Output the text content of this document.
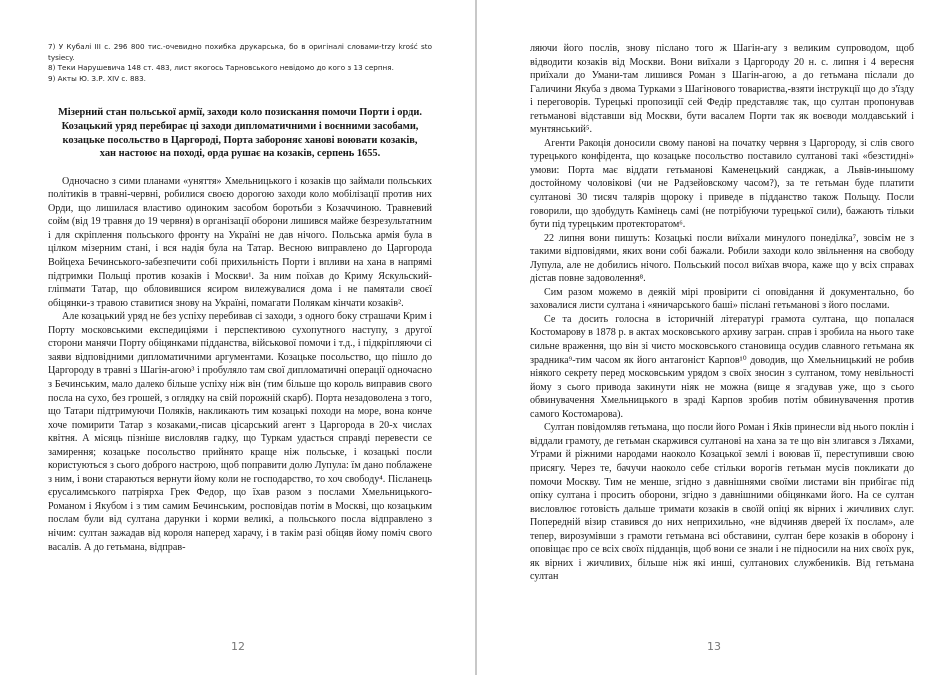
7) У Кубалі III с. 296 800 тис.-очевидно похибка друкарська, бо в оригіналі словами-trzy krość sto tysiecy.

8) Теки Нарушевича 148 ст. 483, лист якогось Тарновського невідомо до кого з 13 серпня.

9) Акты Ю. З.Р. XIV с. 883.

Мізерний стан польської армії, заходи коло позискання помочи Порти і орди. Козацький уряд перебирає ці заходи дипломатичними і воєнними засобами, козацьке посольство в Царгороді, Порта забороняє ханові воювати козаків, хан настоює на поході, орда рушає на козаків, серпень 1655.

Одночасно з сими планами «уняття» Хмельницького і козаків що займали польських політиків в травні-червні, робилися своєю дорогою заходи коло мобілізації против них Орди, що лишилася властиво одиноким засобом боротьби з Козаччиною. Травневий сойм (від 19 травня до 19 червня) в організації оборони лишився майже безрезультатним і для скріплення польського фронту на Україні не дав нічого. Польська армія була в цілком мізерним стані, і вся надія була на Татар. Весною виправлено до Царгорода Войцеха Бечинського-забезпечити собі прихильність Порти і впливи на хана в напрямі підтримки Польщі против козаків і Москви¹. За ним поїхав до Криму Яскульский-гліпмати Татар, що обловившися ясиром вилежувалися дома і не памятали своєї обіцянки-з травою ставитися знову на Україні, помагати Полякам кінчати козаків².

Але козацький уряд не без успіху перебивав сі заходи, з одного боку страшачи Крим і Порту московськими експедиціями і перспективою сухопутного наступу, з другої сторони манячи Порту обіцянками підданства, військової помочи і т.д., і підкріпляючи сі заяви відповідними дипломатичними аргументами. Козацьке посольство, що пішло до Царгороду в травні з Шагін-агою³ і пробуляло там свої дипломатичні операції одночасно з Бечинським, мало далеко більше успіху ніж він (тим більше що король виправив свого посла на сухо, без грошей, з оглядку на свій порожній скарб). Порта незадоволена з того, що Татари підтримуючи Поляків, накликають тим козацькі походи на море, вона конче хоче помирити Татар з козаками,-писав цісарський агент з Царгорода в 20-х числах квітня. А місяць пізніше висловляв гадку, що Туркам удасться справді перевести се замирення; козацьке посольство прийнято краще ніж польське, і козацькі посли користуються з сього доброго настрою, щоб поправити долю Лупула: їм дано поблажене з ним, і вони стараються вернути йому коли не господарство, то хоч свободу⁴. Післанець єрусалимського патріярха Грек Федор, що їхав разом з послами Хмельницького-Романом і Якубом і з тим самим Бечинським, росповідав потім в Москві, що козацьким послам були від султана дарунки і корми великі, а польського посла відправлено з нічим: султан зажадав від короля наперед харачу, і в такім разі обіцяв йому поміч свого васалів. А до гетьмана, відправ-

12

ляючи його послів, знову післано того ж Шагін-агу з великим супроводом, щоб відводити козаків від Москви. Вони виїхали з Царгороду 20 н. с. липня і 4 вересня приїхали до Умани-там лишився Роман з Шагін-агою, а до гетьмана післали до Галичини Якуба з двома Турками з Шагінового товариства,-взяти інструкції що до з'їзду і переговорів. Турецькі пропозиції сей Федір представляє так, що султан пропонував гетьманові відставши від Москви, бути васалем Порти так як воєводи молдавський і мунтянський⁵.

Агенти Ракоція доносили свому панові на початку червня з Царгороду, зі слів свого турецького конфідента, що козацьке посольство поставило султанові такі «безстидні» умови: Порта має віддати гетьманові Каменецький санджак, а Львів-иньшому достойному чоловікові (чи не Радзейовскому часом?), за те гетьман буде платити султанові 30 тисяч талярів щороку і приведе в підданство також Польщу. Посли говорили, що здобудуть Камінець самі (не потрібуючи турецької сили), бажають тільки бути під турецьким протекторатом⁶.

22 липня вони пишуть: Козацькі посли виїхали минулого понеділка⁷, зовсім не з такими відповідями, яких вони собі бажали. Робили заходи коло звільнення на свободу Лупула, але не добились нічого. Польський посол виїхав вчора, каже що у всіх справах дістав повне задоволення⁸.

Сим разом можемо в деякій мірі провірити сі оповідання й документально, бо заховалися листи султана і «яничарського баші» післані гетьманові з його послами.

Се та досить голосна в історичній літературі грамота султана, що попалася Костомарову в 1878 р. в актах московського архиву загран. справ і зробила на нього таке сильне враження, що він зі чисто московського становища осудив славного гетьмана як зрадника⁹-тим часом як його антагоніст Карпов¹⁰ доводив, що Хмельницький не робив ніякого секрету перед московським урядом з своїх зносин з султаном, тому невільності йому з сього привода закинути ніяк не можна (вище я згадував уже, що з сього обвинувачення Хмельницького в зраді Карпов зробив потім обвинувачення против самого Костомарова).

Султан повідомляв гетьмана, що посли його Роман і Яків принесли від нього поклін і віддали грамоту, де гетьман скаржився султанові на хана за те що він злигався з Ляхами, Уграми й ріжними народами наоколо Козацької землі і воював її, переступивши свою присягу. Через те, бачучи наоколо себе стільки ворогів гетьман мусів покликати до помочи Москву. Тим не менше, згідно з давнішнями своїми листами він прибігає під опіку султана і просить оборони, згідно з давнішними обіцянками його. На се султан висловлює готовість дальше тримати козаків в своїй опіці як вірних і жичливих слуг. Попередній візир ставився до них неприхильно, «не відчиняв дверей їх послам», але тепер, вирозумівши з грамоти гетьмана всі обставини, султан бере козаків в оборону і оповіщає про се всіх своїх підданців, щоб вони се знали і не підносили на них своїх рук, як вірних і жичливих, більше ніж які инші, султанових службеників. Від гетьмана султан

13
